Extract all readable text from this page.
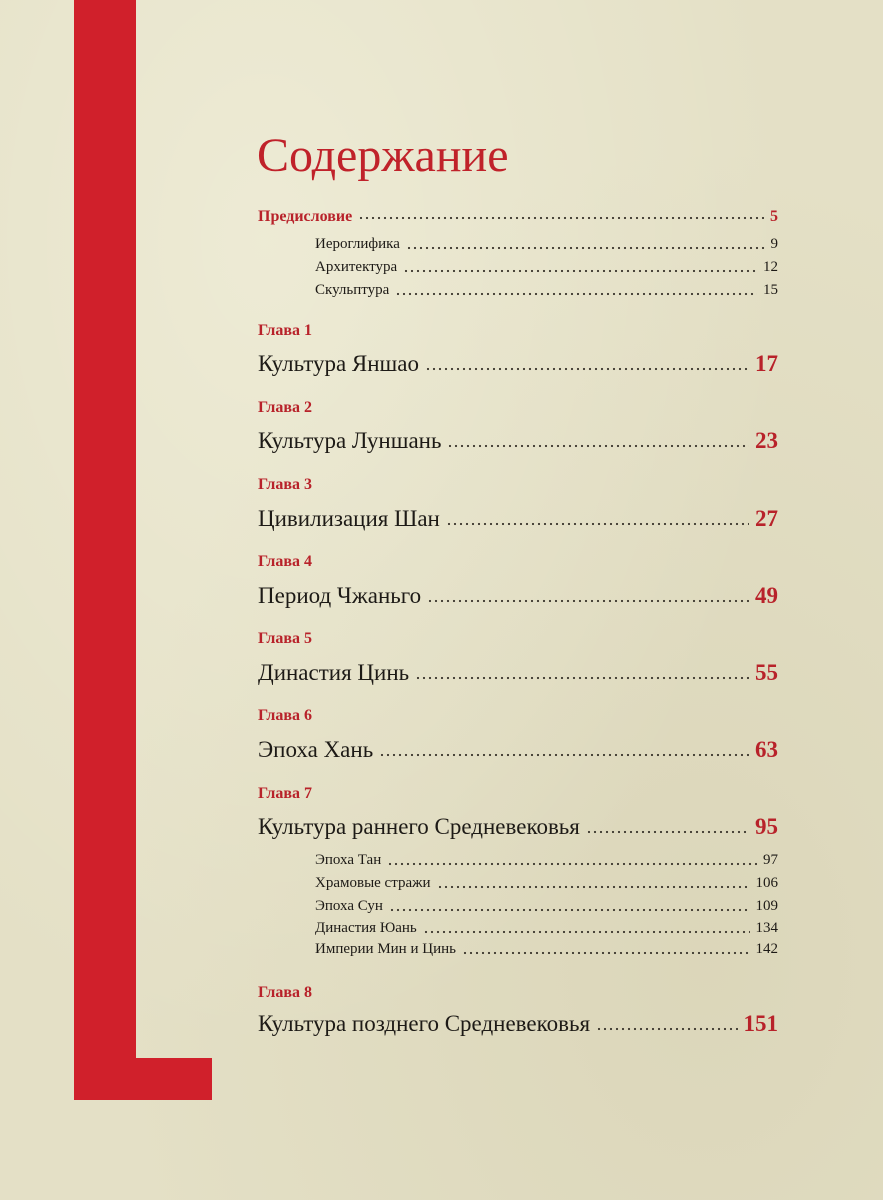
Содержание
Предисловие	5
Иероглифика	9
Архитектура	12
Скульптура	15
Глава 1
Культура Яншао	17
Глава 2
Культура Луншань	23
Глава 3
Цивилизация Шан	27
Глава 4
Период Чжаньго	49
Глава 5
Династия Цинь	55
Глава 6
Эпоха Хань	63
Глава 7
Культура раннего Средневековья	95
Эпоха Тан	97
Храмовые стражи	106
Эпоха Сун	109
Династия Юань	134
Империи Мин и Цинь	142
Глава 8
Культура позднего Средневековья	151
